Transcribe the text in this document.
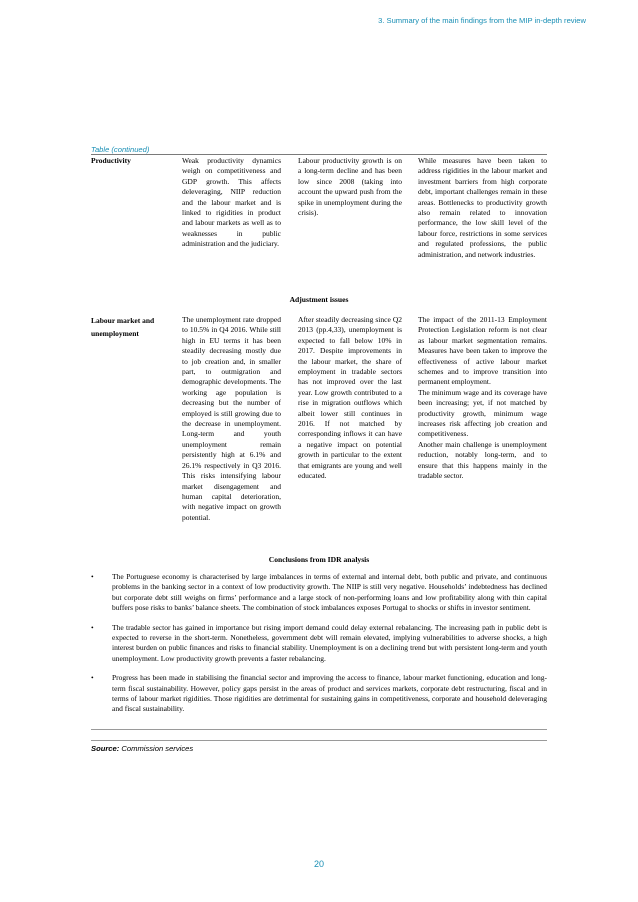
3. Summary of the main findings from the MIP in-depth review
Table (continued)
Productivity	Weak productivity dynamics weigh on competitiveness and GDP growth. This affects deleveraging, NIIP reduction and the labour market and is linked to rigidities in product and labour markets as well as to weaknesses in public administration and the judiciary.
Labour productivity growth is on a long-term decline and has been low since 2008 (taking into account the upward push from the spike in unemployment during the crisis).
While measures have been taken to address rigidities in the labour market and investment barriers from high corporate debt, important challenges remain in these areas. Bottlenecks to productivity growth also remain related to innovation performance, the low skill level of the labour force, restrictions in some services and regulated professions, the public administration, and network industries.
Adjustment issues
Labour market and unemployment
The unemployment rate dropped to 10.5% in Q4 2016. While still high in EU terms it has been steadily decreasing mostly due to job creation and, in smaller part, to outmigration and demographic developments. The working age population is decreasing but the number of employed is still growing due to the decrease in unemployment. Long-term and youth unemployment remain persistently high at 6.1% and 26.1% respectively in Q3 2016. This risks intensifying labour market disengagement and human capital deterioration, with negative impact on growth potential.
After steadily decreasing since Q2 2013 (pp.4,33), unemployment is expected to fall below 10% in 2017. Despite improvements in the labour market, the share of employment in tradable sectors has not improved over the last year. Low growth contributed to a rise in migration outflows which albeit lower still continues in 2016. If not matched by corresponding inflows it can have a negative impact on potential growth in particular to the extent that emigrants are young and well educated.
The impact of the 2011-13 Employment Protection Legislation reform is not clear as labour market segmentation remains. Measures have been taken to improve the effectiveness of active labour market schemes and to improve transition into permanent employment.
The minimum wage and its coverage have been increasing; yet, if not matched by productivity growth, minimum wage increases risk affecting job creation and competitiveness.
Another main challenge is unemployment reduction, notably long-term, and to ensure that this happens mainly in the tradable sector.
Conclusions from IDR analysis
• The Portuguese economy is characterised by large imbalances in terms of external and internal debt, both public and private, and continuous problems in the banking sector in a context of low productivity growth. The NIIP is still very negative. Households’ indebtedness has declined but corporate debt still weighs on firms’ performance and a large stock of non-performing loans and low profitability along with thin capital buffers pose risks to banks’ balance sheets. The combination of stock imbalances exposes Portugal to shocks or shifts in investor sentiment.
• The tradable sector has gained in importance but rising import demand could delay external rebalancing. The increasing path in public debt is expected to reverse in the short-term. Nonetheless, government debt will remain elevated, implying vulnerabilities to adverse shocks, a high interest burden on public finances and risks to financial stability. Unemployment is on a declining trend but with persistent long-term and youth unemployment. Low productivity growth prevents a faster rebalancing.
• Progress has been made in stabilising the financial sector and improving the access to finance, labour market functioning, education and long-term fiscal sustainability. However, policy gaps persist in the areas of product and services markets, corporate debt restructuring, fiscal and in terms of labour market rigidities. Those rigidities are detrimental for sustaining gains in competitiveness, corporate and household deleveraging and fiscal sustainability.
Source: Commission services
20
